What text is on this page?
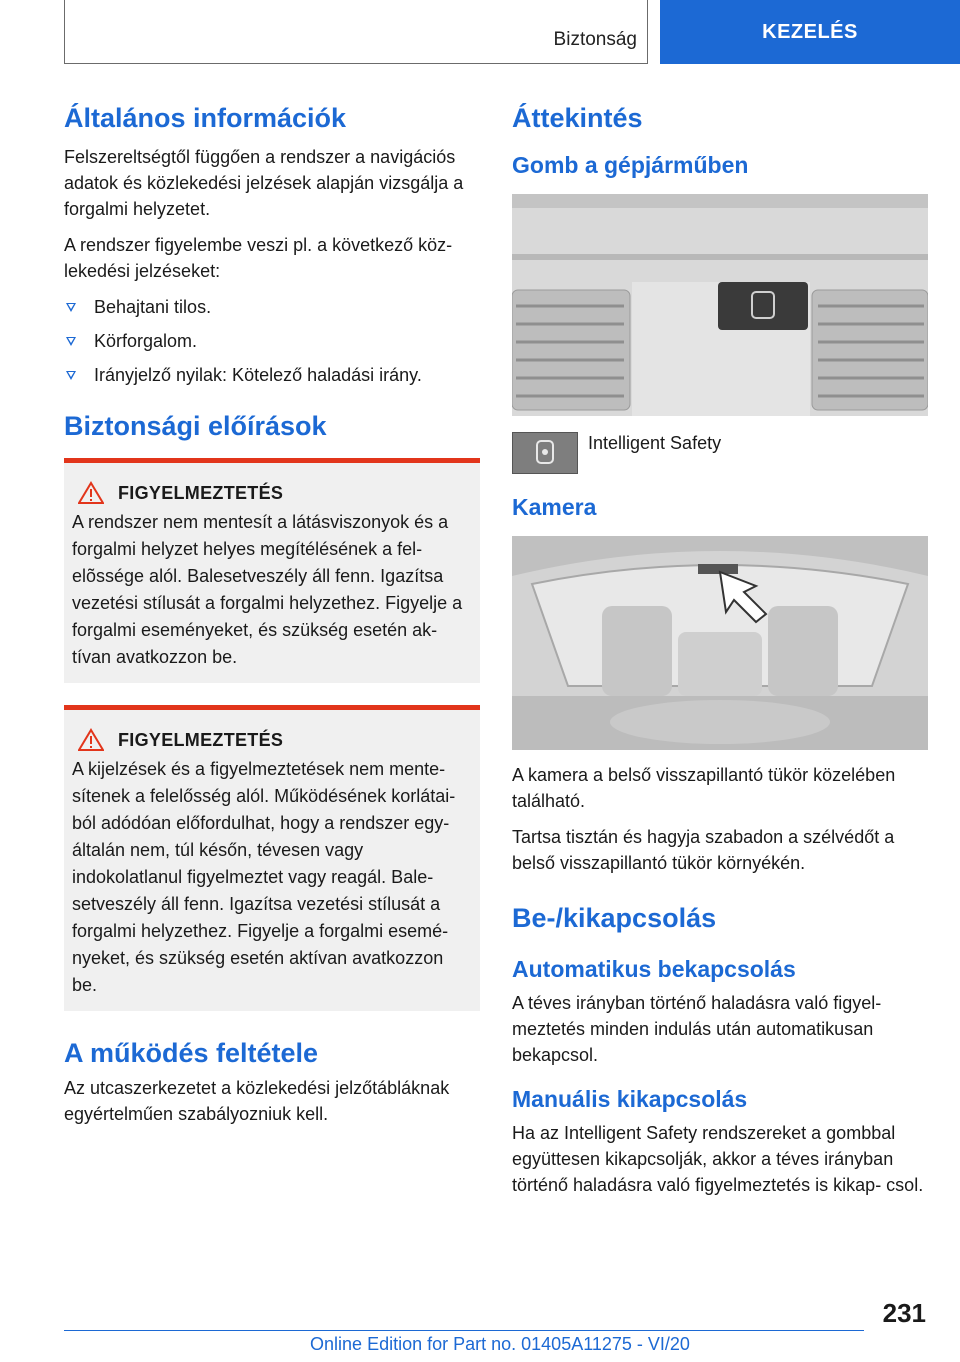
Biztonság	KEZELÉS
Általános információk

Felszereltségtől függően a rendszer a navigációs adatok és közlekedési jelzések alapján vizsgálja a forgalmi helyzetet.

A rendszer figyelembe veszi pl. a következő köz- lekedési jelzéseket:

Behajtani tilos.
Körforgalom.
Irányjelző nyilak: Kötelező haladási irány.
Biztonsági előírások
FIGYELMEZTETÉS

A rendszer nem mentesít a látásviszonyok és a forgalmi helyzet helyes megítélésének a fel- elõssége alól. Balesetveszély áll fenn. Igazítsa vezetési stílusát a forgalmi helyzethez. Figyelje a forgalmi eseményeket, és szükség esetén ak- tívan avatkozzon be.

FIGYELMEZTETÉS

A kijelzések és a figyelmeztetések nem mente- sítenek a felelősség alól. Működésének korlátai- ból adódóan előfordulhat, hogy a rendszer egy- általán nem, túl későn, tévesen vagy indokolatlanul figyelmeztet vagy reagál. Bale- setveszély áll fenn. Igazítsa vezetési stílusát a forgalmi helyzethez. Figyelje a forgalmi esemé- nyeket, és szükség esetén aktívan avatkozzon be.

A működés feltétele

Az utcaszerkezetet a közlekedési jelzőtábláknak egyértelműen szabályozniuk kell.

Áttekintés
Gomb a gépjárműben
Intelligent Safety
Kamera

A kamera a belső visszapillantó tükör közelében található.

Tartsa tisztán és hagyja szabadon a szélvédőt a belső visszapillantó tükör környékén.

Be-/kikapcsolás
Automatikus bekapcsolás

A téves irányban történő haladásra való figyel- meztetés minden indulás után automatikusan bekapcsol.

Manuális kikapcsolás

Ha az Intelligent Safety rendszereket a gombbal együttesen kikapcsolják, akkor a téves irányban történő haladásra való figyelmeztetés is kikap- csol.

231
Online Edition for Part no. 01405A11275 - VI/20
